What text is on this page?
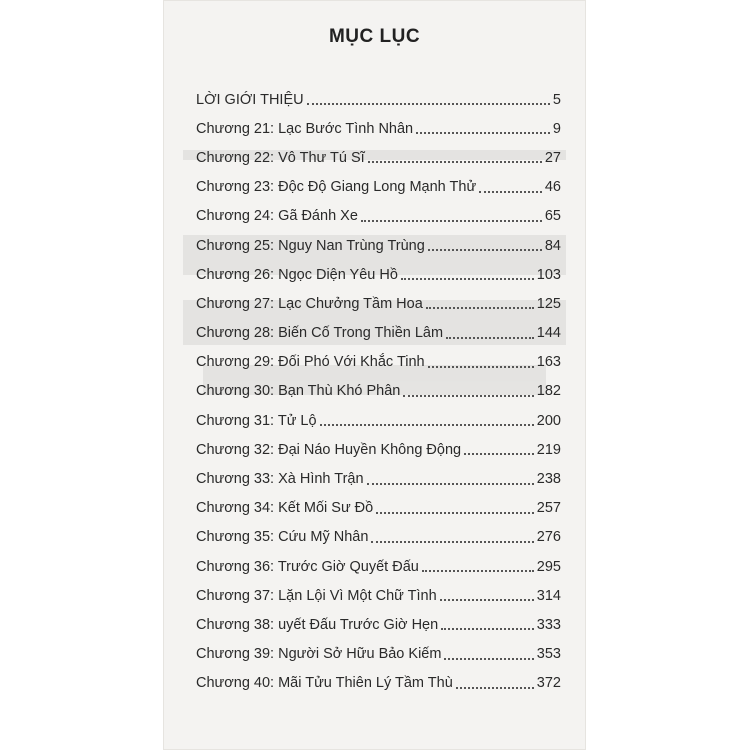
MỤC LỤC
LỜI GIỚI THIỆU	5
Chương 21: Lạc Bước Tình Nhân	9
Chương 22: Vô Thư Tú Sĩ	27
Chương 23: Độc Độ Giang Long Mạnh Thử	46
Chương 24: Gã Đánh Xe	65
Chương 25: Nguy Nan Trùng Trùng	84
Chương 26: Ngọc Diện Yêu Hồ	103
Chương 27: Lạc Chưởng Tầm Hoa	125
Chương 28: Biến Cố Trong Thiền Lâm	144
Chương 29: Đối Phó Với Khắc Tinh	163
Chương 30: Bạn Thù Khó Phân	182
Chương 31: Tử Lộ	200
Chương 32: Đại Náo Huyền Không Động	219
Chương 33: Xà Hình Trận	238
Chương 34: Kết Mối Sư Đồ	257
Chương 35: Cứu Mỹ Nhân	276
Chương 36: Trước Giờ Quyết Đấu	295
Chương 37: Lặn Lội Vì Một Chữ Tình	314
Chương 38: uyết Đấu Trước Giờ Hẹn	333
Chương 39: Người Sở Hữu Bảo Kiếm	353
Chương 40: Mãi Tửu Thiên Lý Tầm Thù	372
